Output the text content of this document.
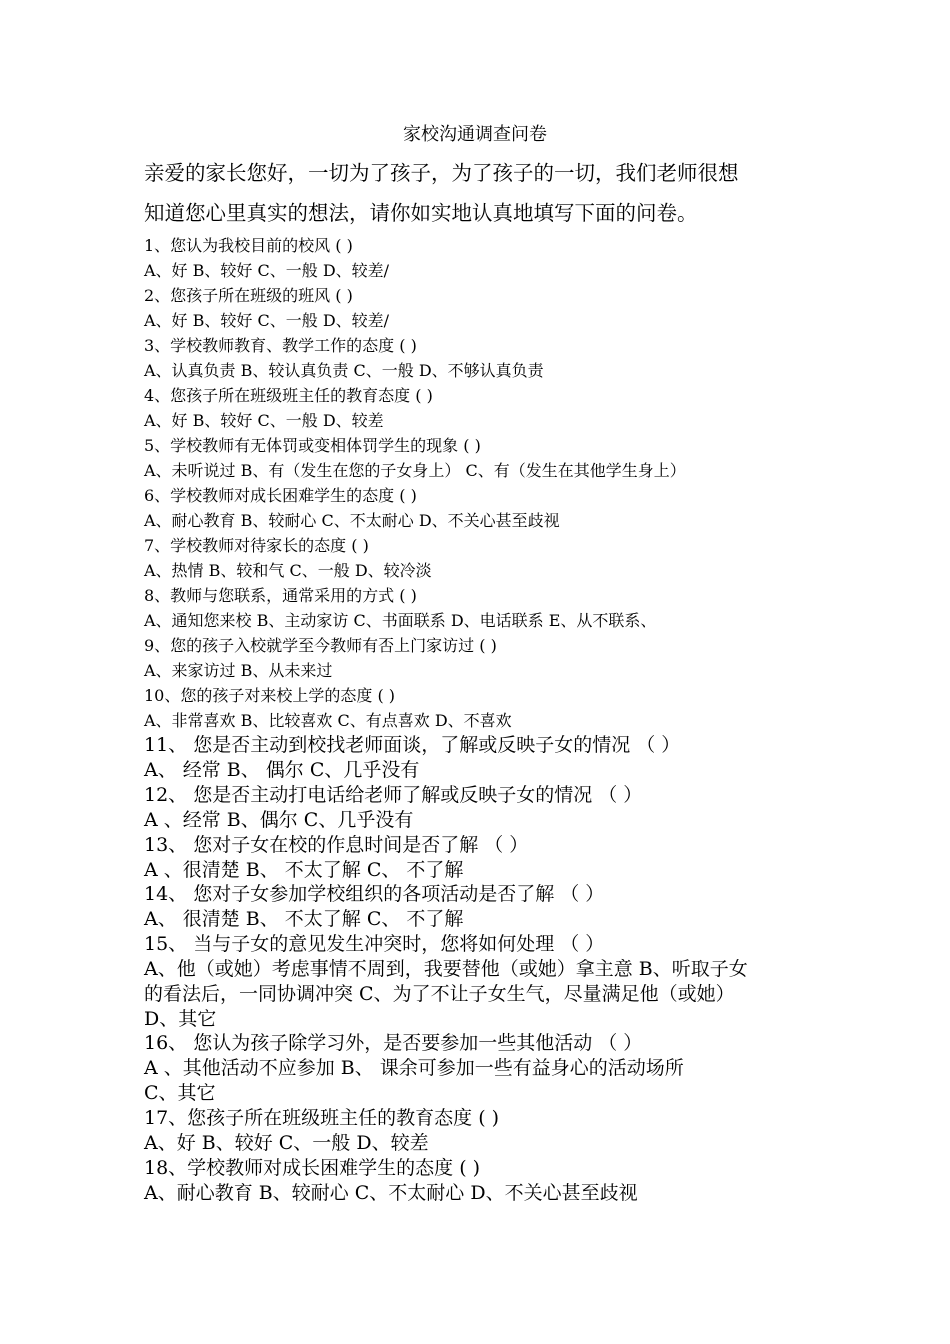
家校沟通调查问卷
亲爱的家长您好，一切为了孩子，为了孩子的一切，我们老师很想
知道您心里真实的想法，请你如实地认真地填写下面的问卷。
1、您认为我校目前的校风 ( )
A、好 B、较好 C、一般 D、较差/
2、您孩子所在班级的班风 ( )
A、好 B、较好 C、一般 D、较差/
3、学校教师教育、教学工作的态度 ( )
A、认真负责 B、较认真负责 C、一般 D、不够认真负责
4、您孩子所在班级班主任的教育态度 ( )
A、好 B、较好 C、一般 D、较差
5、学校教师有无体罚或变相体罚学生的现象 ( )
A、未听说过 B、有（发生在您的子女身上） C、有（发生在其他学生身上）
6、学校教师对成长困难学生的态度 ( )
A、耐心教育 B、较耐心 C、不太耐心 D、不关心甚至歧视
7、学校教师对待家长的态度 ( )
A、热情 B、较和气 C、一般 D、较冷淡
8、教师与您联系，通常采用的方式 ( )
A、通知您来校 B、主动家访 C、书面联系 D、电话联系 E、从不联系、
9、您的孩子入校就学至今教师有否上门家访过 ( )
A、来家访过 B、从未来过
10、您的孩子对来校上学的态度 ( )
A、非常喜欢 B、比较喜欢 C、有点喜欢 D、不喜欢
11、 您是否主动到校找老师面谈，了解或反映子女的情况 （ ）
A、 经常 B、 偶尔 C、几乎没有
12、 您是否主动打电话给老师了解或反映子女的情况 （ ）
A 、经常 B、偶尔 C、几乎没有
13、 您对子女在校的作息时间是否了解 （ ）
A 、很清楚 B、 不太了解 C、 不了解
14、 您对子女参加学校组织的各项活动是否了解 （ ）
A、 很清楚 B、 不太了解 C、 不了解
15、 当与子女的意见发生冲突时，您将如何处理 （ ）
A、他（或她）考虑事情不周到，我要替他（或她）拿主意 B、听取子女
的看法后，一同协调冲突 C、为了不让子女生气，尽量满足他（或她）
D、其它
16、 您认为孩子除学习外，是否要参加一些其他活动 （ ）
A 、其他活动不应参加 B、 课余可参加一些有益身心的活动场所
C、其它
17、您孩子所在班级班主任的教育态度 ( )
A、好 B、较好 C、一般 D、较差
18、学校教师对成长困难学生的态度 ( )
A、耐心教育 B、较耐心 C、不太耐心 D、不关心甚至歧视
